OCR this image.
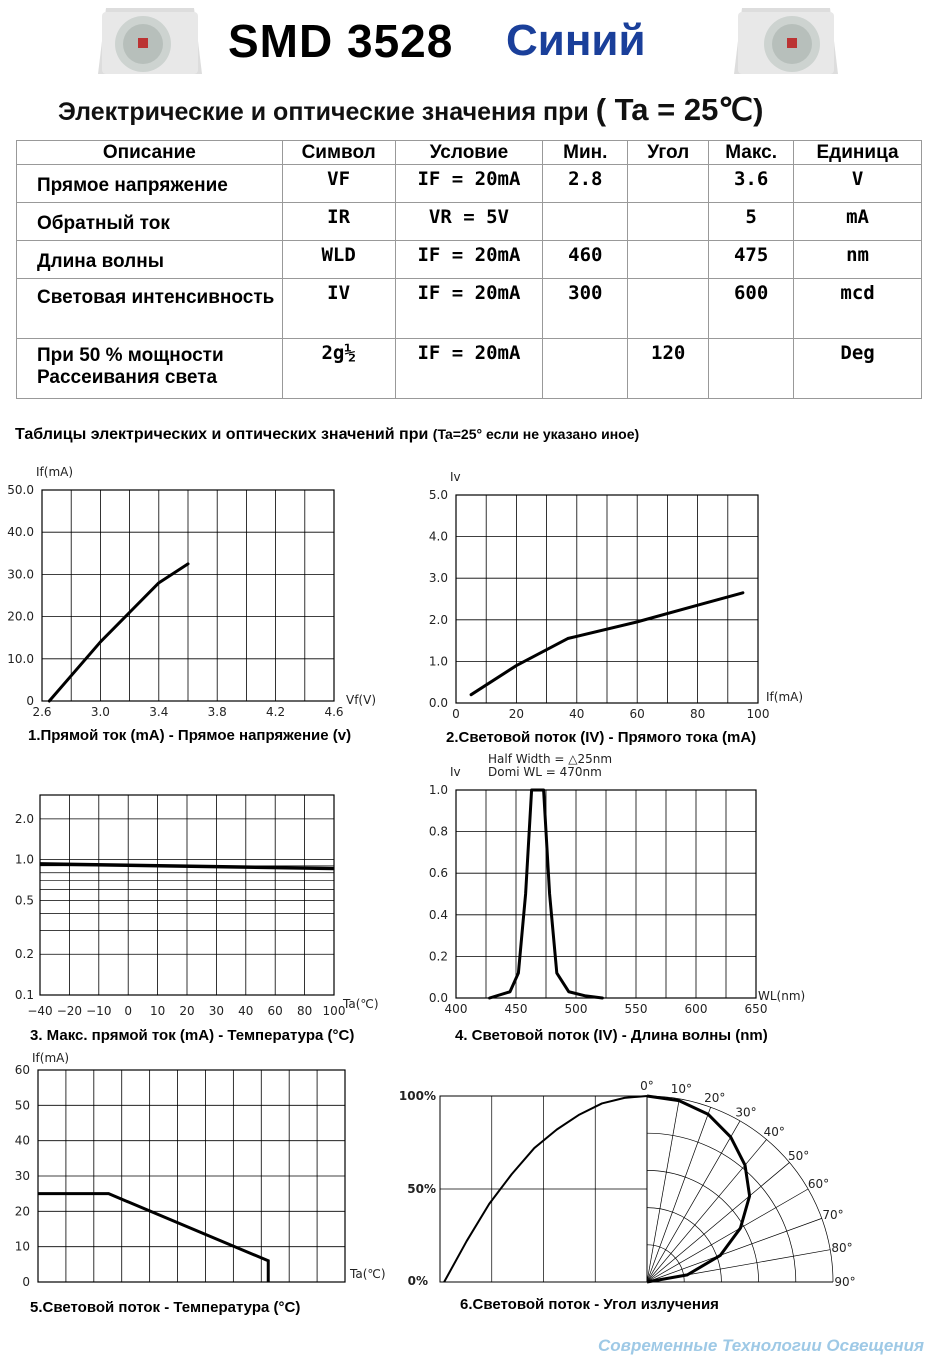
SMD 3528 Синий
Электрические и оптические значения при ( Ta = 25℃)
Описание	Символ	Условие	Мин.	Угол	Макс.	Единица
Прямое напряжение	VF	IF = 20mA	2.8		3.6	V
Обратный ток	IR	VR = 5V			5	mA
Длина волны	WLD	IF = 20mA	460		475	nm
Световая интенсивность	IV	IF = 20mA	300		600	mcd
При 50 % мощности Рассеивания света	2g½	IF = 20mA		120		Deg
Таблицы электрических и оптических значений при (Ta=25° если не указано иное)
2.6	3.0	3.4	3.8	4.2	4.6
0
10.0
20.0
30.0
40.0
50.0
If(mA)
Vf(V)
1.Прямой ток (mA) - Прямое напряжение (v)
0	20	40	60	80	100
0.0
1.0
2.0
3.0
4.0
5.0
Iv
If(mA)
2.Световой поток (IV) - Прямого тока (mA)
0.1
0.2
0.5
1.0
2.0
−40 −20 −10 0 10 20 30 40 60 80 100
Ta(℃)
3. Макс. прямой ток (mA) - Температура (°C)
400	450	500	550	600	650
0.0
0.2
0.4
0.6
0.8
1.0
Iv
WL(nm)
Half Width = △25nm
Domi WL = 470nm
4. Световой поток (IV) - Длина волны (nm)
0
10
20
30
40
50
60
If(mA)
Ta(℃)
5.Световой поток - Температура (°C)
0° 10°
20°
30°
40°
50°
60°
70°
80°
90°
100%
50%
0%
6.Световой поток - Угол излучения
Современные Технологии Освещения
